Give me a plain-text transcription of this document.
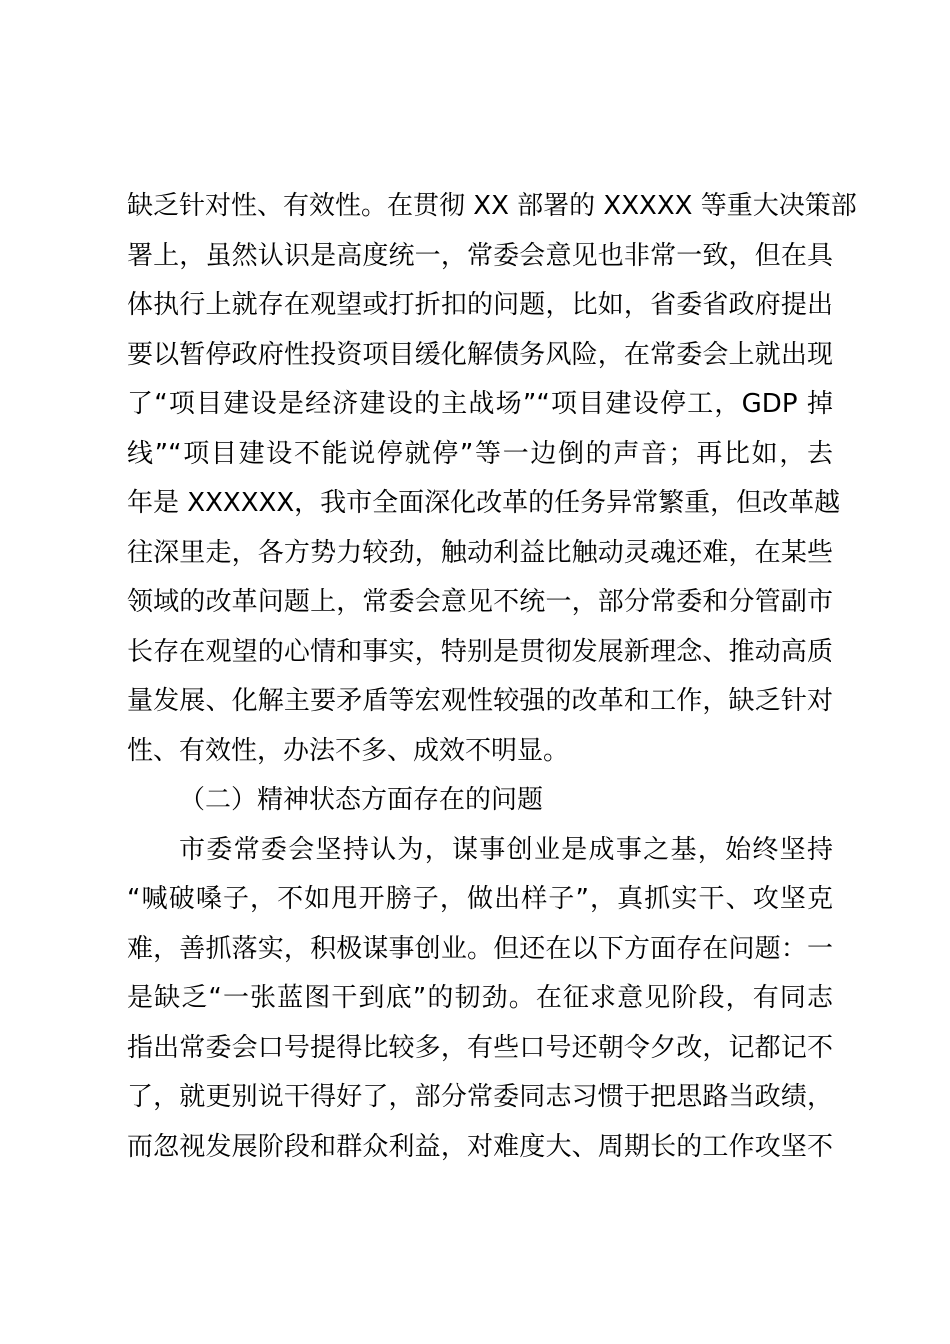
缺乏针对性、有效性。在贯彻 XX 部署的 XXXXX 等重大决策部
署上，虽然认识是高度统一，常委会意见也非常一致，但在具
体执行上就存在观望或打折扣的问题，比如，省委省政府提出
要以暂停政府性投资项目缓化解债务风险，在常委会上就出现
了“项目建设是经济建设的主战场”“项目建设停工，GDP 掉
线”“项目建设不能说停就停”等一边倒的声音；再比如，去
年是 XXXXXX，我市全面深化改革的任务异常繁重，但改革越
往深里走，各方势力较劲，触动利益比触动灵魂还难，在某些
领域的改革问题上，常委会意见不统一，部分常委和分管副市
长存在观望的心情和事实，特别是贯彻发展新理念、推动高质
量发展、化解主要矛盾等宏观性较强的改革和工作，缺乏针对
性、有效性，办法不多、成效不明显。
（二）精神状态方面存在的问题
市委常委会坚持认为，谋事创业是成事之基，始终坚持
“喊破嗓子，不如甩开膀子，做出样子”，真抓实干、攻坚克
难，善抓落实，积极谋事创业。但还在以下方面存在问题：一
是缺乏“一张蓝图干到底”的韧劲。在征求意见阶段，有同志
指出常委会口号提得比较多，有些口号还朝令夕改，记都记不
了，就更别说干得好了，部分常委同志习惯于把思路当政绩，
而忽视发展阶段和群众利益，对难度大、周期长的工作攻坚不
